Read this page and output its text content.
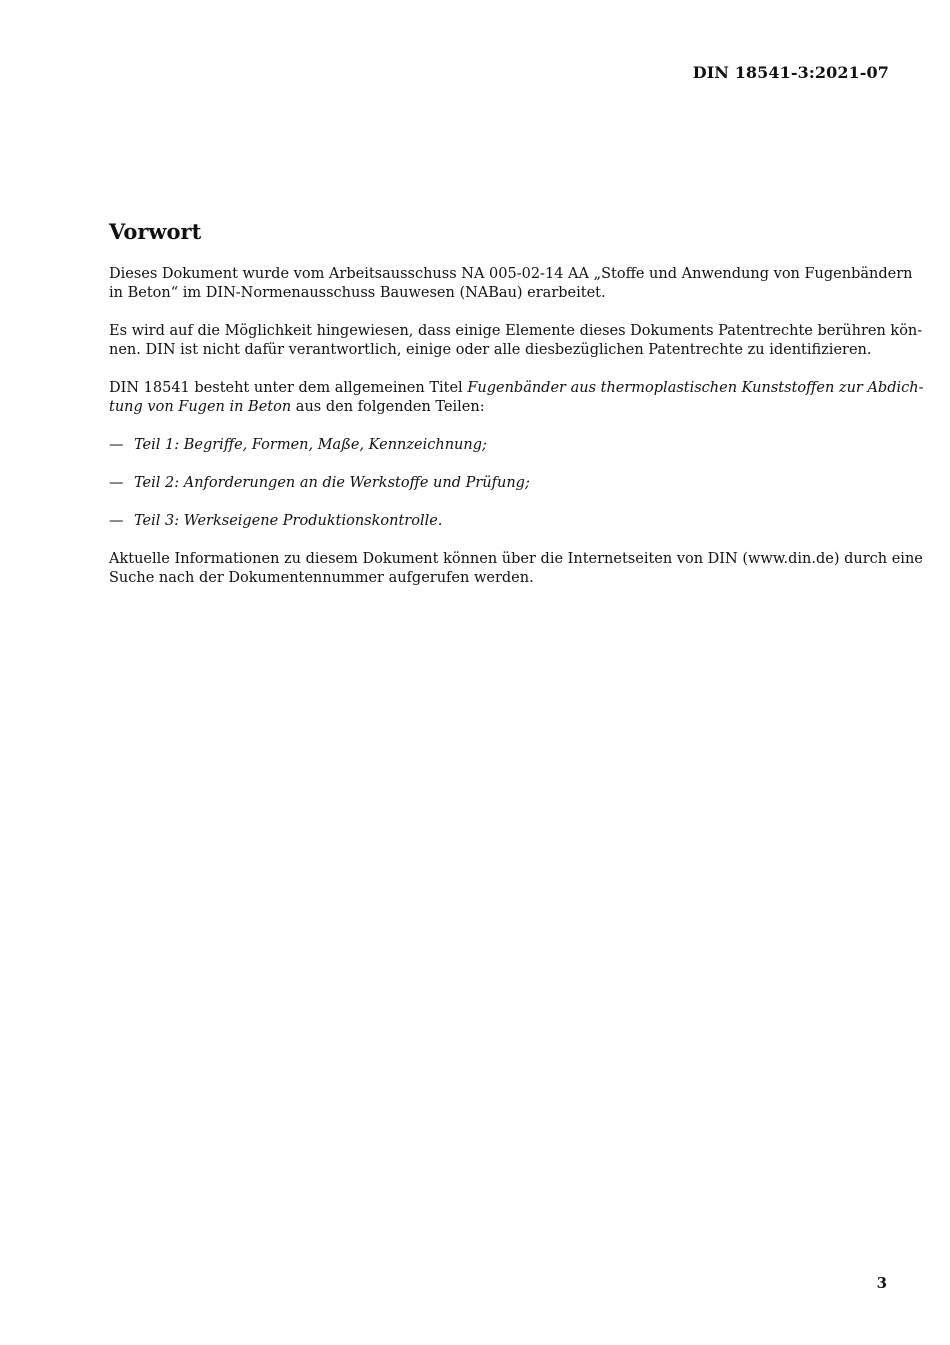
DIN 18541-3:2021-07
Vorwort

Dieses Dokument wurde vom Arbeitsausschuss NA 005-02-14 AA „Stoffe und Anwendung von Fugenbändern
in Beton“ im DIN-Normenausschuss Bauwesen (NABau) erarbeitet.

Es wird auf die Möglichkeit hingewiesen, dass einige Elemente dieses Dokuments Patentrechte berühren kön-
nen. DIN ist nicht dafür verantwortlich, einige oder alle diesbezüglichen Patentrechte zu identifizieren.

DIN 18541 besteht unter dem allgemeinen Titel Fugenbänder aus thermoplastischen Kunststoffen zur Abdich-
tung von Fugen in Beton aus den folgenden Teilen:

— Teil 1: Begriffe, Formen, Maße, Kennzeichnung;
— Teil 2: Anforderungen an die Werkstoffe und Prüfung;
— Teil 3: Werkseigene Produktionskontrolle.

Aktuelle Informationen zu diesem Dokument können über die Internetseiten von DIN (www.din.de) durch eine
Suche nach der Dokumentennummer aufgerufen werden.

3
